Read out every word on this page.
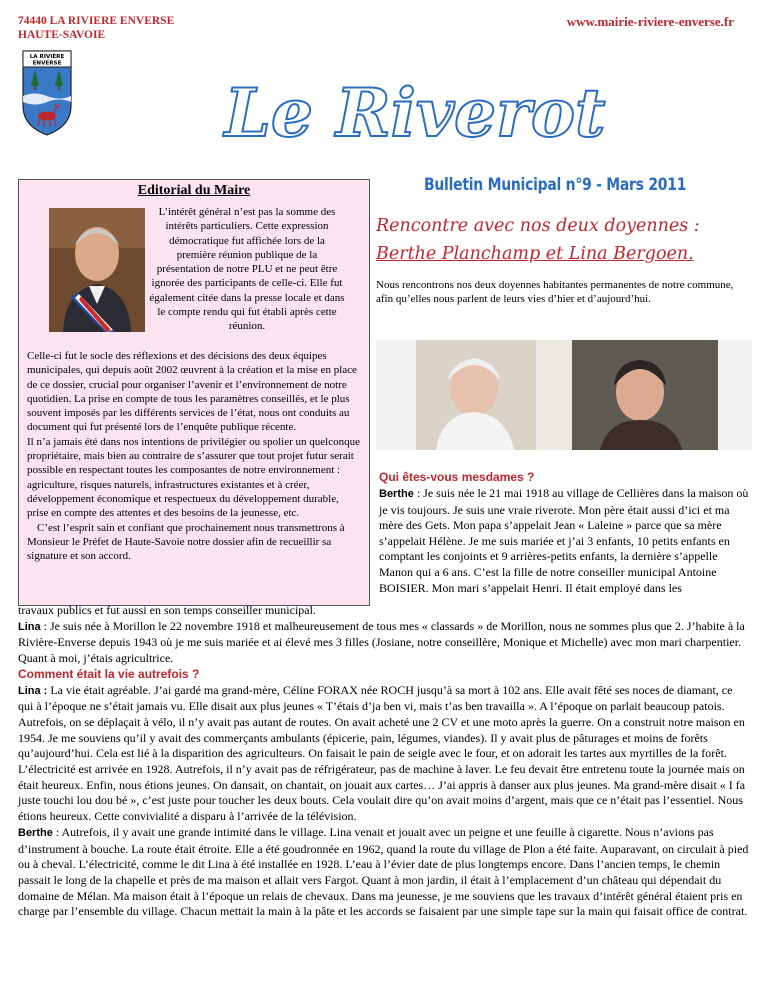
74440 LA RIVIERE ENVERSE
HAUTE-SAVOIE
www.mairie-riviere-enverse.fr
LA RIVIÈRE
ENVERSE
Le Riverot
Bulletin Municipal n°9 - Mars 2011
Editorial du Maire

L’intérêt général n’est pas la somme des intérêts particuliers. Cette expression démocratique fut affichée lors de la première réunion publique de la présentation de notre PLU et ne peut être ignorée des participants de celle-ci. Elle fut également citée dans la presse locale et dans le compte rendu qui fut établi après cette réunion.

Celle-ci fut le socle des réflexions et des décisions des deux équipes municipales, qui depuis août 2002 œuvrent à la création et la mise en place de ce dossier, crucial pour organiser l’avenir et l’environnement de notre quotidien. La prise en compte de tous les paramètres conseillés, et le plus souvent imposés par les différents services de l’état, nous ont conduits au document qui fut présenté lors de l’enquête publique récente.
Il n’a jamais été dans nos intentions de privilégier ou spolier un quelconque propriétaire, mais bien au contraire de s’assurer que tout projet futur serait possible en respectant toutes les composantes de notre environnement : agriculture, risques naturels, infrastructures existantes et à créer, développement économique et respectueux du développement durable, prise en compte des attentes et des besoins de la jeunesse, etc.
C’est l’esprit sain et confiant que prochainement nous transmettrons à Monsieur le Préfet de Haute-Savoie notre dossier afin de recueillir sa signature et son accord.
Rencontre avec nos deux doyennes :
Berthe Planchamp et Lina Bergoen.

Nous rencontrons nos deux doyennes habitantes permanentes de notre commune, afin qu’elles nous parlent de leurs vies d’hier et d’aujourd’hui.

Qui êtes-vous mesdames ?

Berthe : Je suis née le 21 mai 1918 au village de Cellières dans la maison où je vis toujours. Je suis une vraie riverote. Mon père était aussi d’ici et ma mère des Gets. Mon papa s’appelait Jean « Laleine » parce que sa mère s’appelait Hélène. Je me suis mariée et j’ai 3 enfants, 10 petits enfants en comptant les conjoints et 9 arrières-petits enfants, la dernière s’appelle Manon qui a 6 ans. C’est la fille de notre conseiller municipal Antoine BOISIER. Mon mari s’appelait Henri. Il était employé dans les

travaux publics et fut aussi en son temps conseiller municipal.
Lina : Je suis née à Morillon le 22 novembre 1918 et malheureusement de tous mes « classards » de Morillon, nous ne sommes plus que 2. J’habite à la Rivière-Enverse depuis 1943 où je me suis mariée et ai élevé mes 3 filles (Josiane, notre conseillère, Monique et Michelle) avec mon mari charpentier. Quant à moi, j’étais agricultrice.
Comment était la vie autrefois ?
Lina : La vie était agréable. J’ai gardé ma grand-mère, Céline FORAX née ROCH jusqu’à sa mort à 102 ans. Elle avait fêté ses noces de diamant, ce qui à l’époque ne s’était jamais vu. Elle disait aux plus jeunes « T’étais d’ja ben vi, mais t’as ben travailla ». A l’époque on parlait beaucoup patois. Autrefois, on se déplaçait à vélo, il n’y avait pas autant de routes. On avait acheté une 2 CV et une moto après la guerre. On a construit notre maison en 1954. Je me souviens qu’il y avait des commerçants ambulants (épicerie, pain, légumes, viandes). Il y avait plus de pâturages et moins de forêts qu’aujourd’hui. Cela est lié à la disparition des agriculteurs. On faisait le pain de seigle avec le four, et on adorait les tartes aux myrtilles de la forêt. L’électricité est arrivée en 1928. Autrefois, il n’y avait pas de réfrigérateur, pas de machine à laver. Le feu devait être entretenu toute la journée mais on était heureux. Enfin, nous étions jeunes. On dansait, on chantait, on jouait aux cartes… J’ai appris à danser aux plus jeunes. Ma grand-mère disait « I fa juste touchi lou dou bé », c’est juste pour toucher les deux bouts. Cela voulait dire qu’on avait moins d’argent, mais que ce n’était pas l’essentiel. Nous étions heureux. Cette convivialité a disparu à l’arrivée de la télévision.
Berthe : Autrefois, il y avait une grande intimité dans le village. Lina venait et jouait avec un peigne et une feuille à cigarette. Nous n’avions pas d’instrument à bouche. La route était étroite. Elle a été goudronnée en 1962, quand la route du village de Plon a été faite. Auparavant, on circulait à pied ou à cheval. L’électricité, comme le dit Lina à été installée en 1928. L’eau à l’évier date de plus longtemps encore. Dans l’ancien temps, le chemin passait le long de la chapelle et près de ma maison et allait vers Fargot. Quant à mon jardin, il était à l’emplacement d’un château qui dépendait du domaine de Mélan. Ma maison était à l’époque un relais de chevaux. Dans ma jeunesse, je me souviens que les travaux d’intérêt général étaient pris en charge par l’ensemble du village. Chacun mettait la main à la pâte et les accords se faisaient par une simple tape sur la main qui faisait office de contrat.
